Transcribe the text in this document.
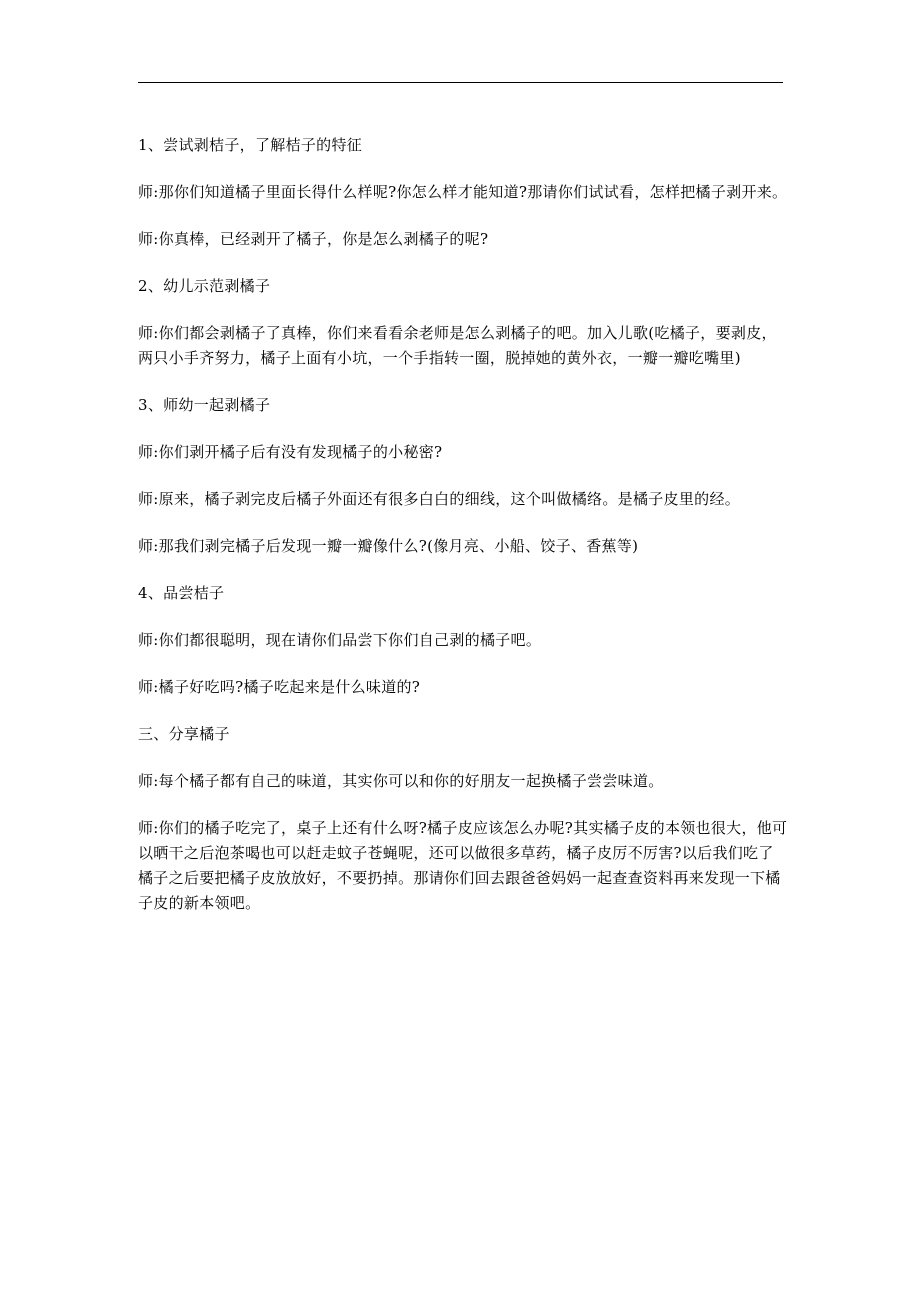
1、尝试剥桔子，了解桔子的特征

师:那你们知道橘子里面长得什么样呢?你怎么样才能知道?那请你们试试看，怎样把橘子剥开来。

师:你真棒，已经剥开了橘子，你是怎么剥橘子的呢?

2、幼儿示范剥橘子

师:你们都会剥橘子了真棒，你们来看看余老师是怎么剥橘子的吧。加入儿歌(吃橘子，要剥皮，两只小手齐努力，橘子上面有小坑，一个手指转一圈，脱掉她的黄外衣，一瓣一瓣吃嘴里)

3、师幼一起剥橘子

师:你们剥开橘子后有没有发现橘子的小秘密?

师:原来，橘子剥完皮后橘子外面还有很多白白的细线，这个叫做橘络。是橘子皮里的经。

师:那我们剥完橘子后发现一瓣一瓣像什么?(像月亮、小船、饺子、香蕉等)

4、品尝桔子

师:你们都很聪明，现在请你们品尝下你们自己剥的橘子吧。

师:橘子好吃吗?橘子吃起来是什么味道的?

三、分享橘子

师:每个橘子都有自己的味道，其实你可以和你的好朋友一起换橘子尝尝味道。

师:你们的橘子吃完了，桌子上还有什么呀?橘子皮应该怎么办呢?其实橘子皮的本领也很大，他可以晒干之后泡茶喝也可以赶走蚊子苍蝇呢，还可以做很多草药，橘子皮厉不厉害?以后我们吃了橘子之后要把橘子皮放放好，不要扔掉。那请你们回去跟爸爸妈妈一起查查资料再来发现一下橘子皮的新本领吧。
